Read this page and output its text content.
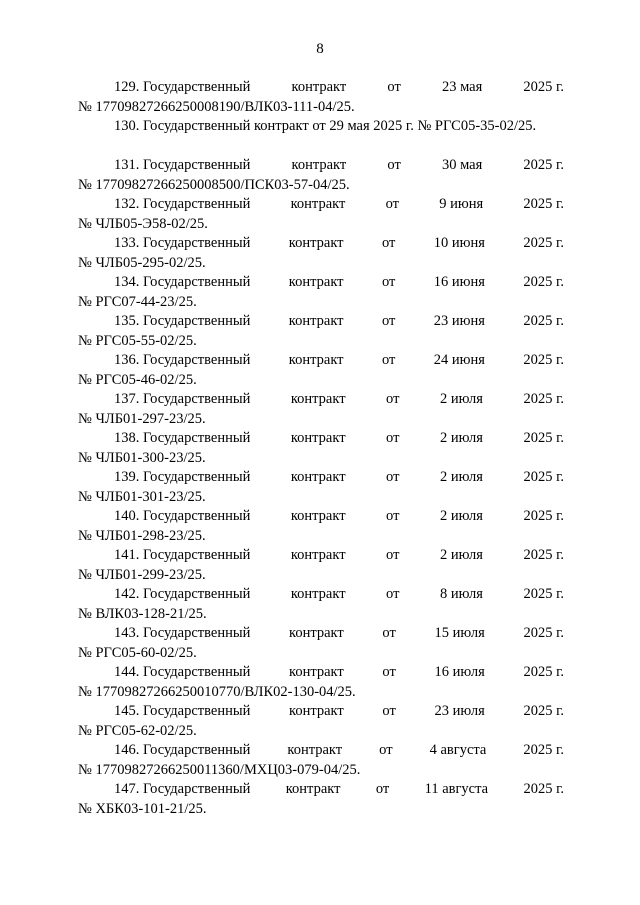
8
129. Государственный	контракт	от	23 мая	2025 г.
№ 17709827266250008190/ВЛК03-111-04/25.
130. Государственный контракт от 29 мая 2025 г. № РГС05-35-02/25.
131. Государственный	контракт	от	30 мая	2025 г.
№ 17709827266250008500/ПСК03-57-04/25.
132. Государственный	контракт	от	9 июня	2025 г.
№ ЧЛБ05-Э58-02/25.
133. Государственный	контракт	от	10 июня	2025 г.
№ ЧЛБ05-295-02/25.
134. Государственный	контракт	от	16 июня	2025 г.
№ РГС07-44-23/25.
135. Государственный	контракт	от	23 июня	2025 г.
№ РГС05-55-02/25.
136. Государственный	контракт	от	24 июня	2025 г.
№ РГС05-46-02/25.
137. Государственный	контракт	от	2 июля	2025 г.
№ ЧЛБ01-297-23/25.
138. Государственный	контракт	от	2 июля	2025 г.
№ ЧЛБ01-300-23/25.
139. Государственный	контракт	от	2 июля	2025 г.
№ ЧЛБ01-301-23/25.
140. Государственный	контракт	от	2 июля	2025 г.
№ ЧЛБ01-298-23/25.
141. Государственный	контракт	от	2 июля	2025 г.
№ ЧЛБ01-299-23/25.
142. Государственный	контракт	от	8 июля	2025 г.
№ ВЛК03-128-21/25.
143. Государственный	контракт	от	15 июля	2025 г.
№ РГС05-60-02/25.
144. Государственный	контракт	от	16 июля	2025 г.
№ 17709827266250010770/ВЛК02-130-04/25.
145. Государственный	контракт	от	23 июля	2025 г.
№ РГС05-62-02/25.
146. Государственный	контракт	от	4 августа	2025 г.
№ 17709827266250011360/МХЦ03-079-04/25.
147. Государственный контракт от 11 августа 2025 г.
№ ХБК03-101-21/25.
